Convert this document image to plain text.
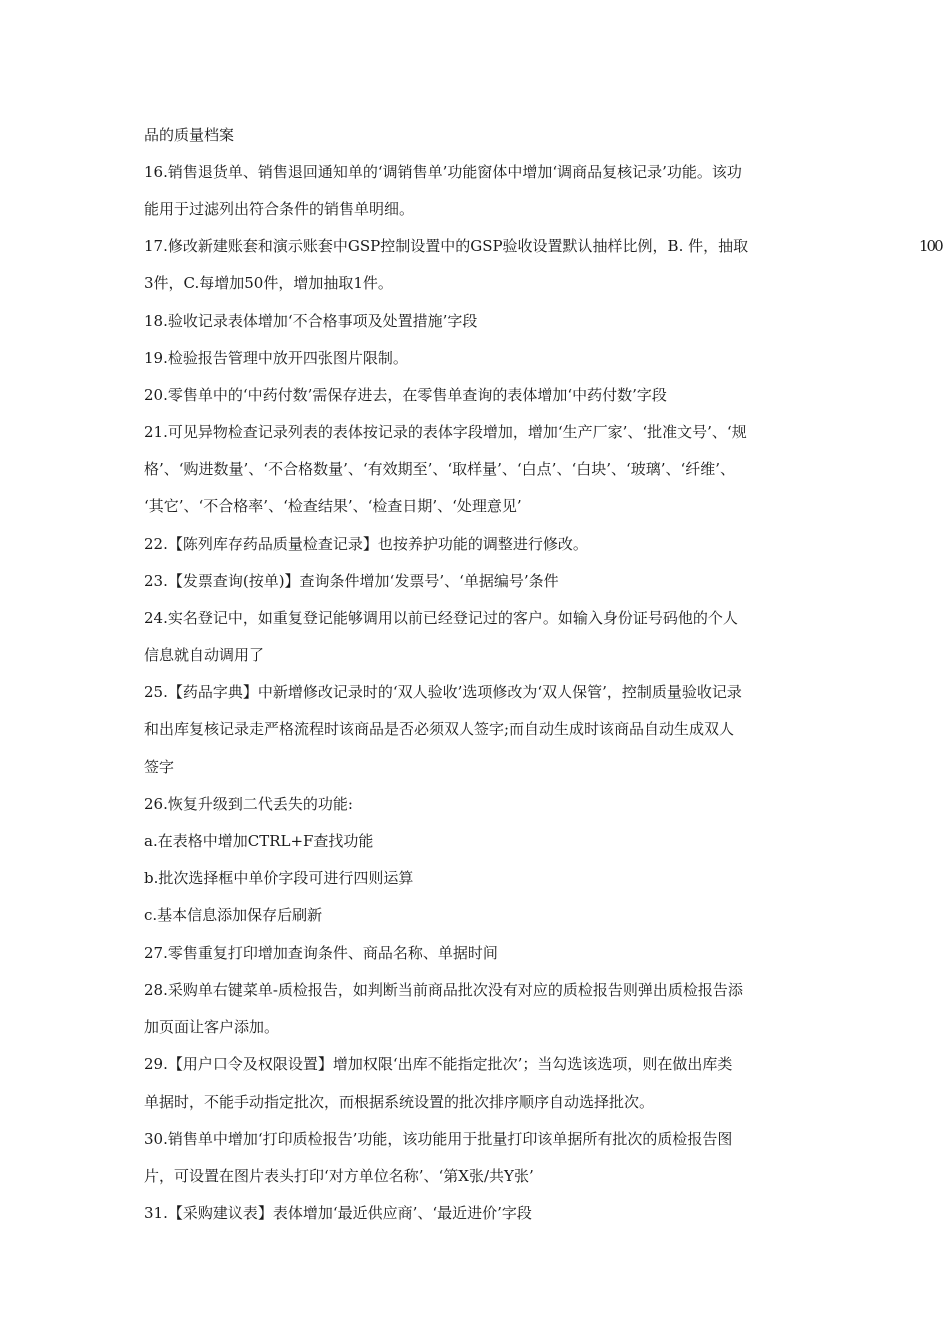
品的质量档案
16.销售退货单、销售退回通知单的‘调销售单’功能窗体中增加‘调商品复核记录’功能。该功
能用于过滤列出符合条件的销售单明细。
17.修改新建账套和演示账套中GSP控制设置中的GSP验收设置默认抽样比例，B. 件，抽取	100
3件，C.每增加50件，增加抽取1件。
18.验收记录表体增加‘不合格事项及处置措施’字段
19.检验报告管理中放开四张图片限制。
20.零售单中的‘中药付数’需保存进去，在零售单查询的表体增加‘中药付数’字段
21.可见异物检查记录列表的表体按记录的表体字段增加，增加‘生产厂家’、‘批准文号’、‘规
格’、‘购进数量’、‘不合格数量’、‘有效期至’、‘取样量’、‘白点’、‘白块’、‘玻璃’、‘纤维’、
‘其它’、‘不合格率’、‘检查结果’、‘检查日期’、‘处理意见’
22.【陈列库存药品质量检查记录】也按养护功能的调整进行修改。
23.【发票查询(按单)】查询条件增加‘发票号’、‘单据编号’条件
24.实名登记中，如重复登记能够调用以前已经登记过的客户。如输入身份证号码他的个人
信息就自动调用了
25.【药品字典】中新增修改记录时的‘双人验收’选项修改为‘双人保管’，控制质量验收记录
和出库复核记录走严格流程时该商品是否必须双人签字;而自动生成时该商品自动生成双人
签字
26.恢复升级到二代丢失的功能:
a.在表格中增加CTRL+F查找功能
b.批次选择框中单价字段可进行四则运算
c.基本信息添加保存后刷新
27.零售重复打印增加查询条件、商品名称、单据时间
28.采购单右键菜单-质检报告，如判断当前商品批次没有对应的质检报告则弹出质检报告添
加页面让客户添加。
29.【用户口令及权限设置】增加权限‘出库不能指定批次’；当勾选该选项，则在做出库类
单据时，不能手动指定批次，而根据系统设置的批次排序顺序自动选择批次。
30.销售单中增加‘打印质检报告’功能，该功能用于批量打印该单据所有批次的质检报告图
片，可设置在图片表头打印‘对方单位名称’、‘第X张/共Y张’
31.【采购建议表】表体增加‘最近供应商’、‘最近进价’字段
